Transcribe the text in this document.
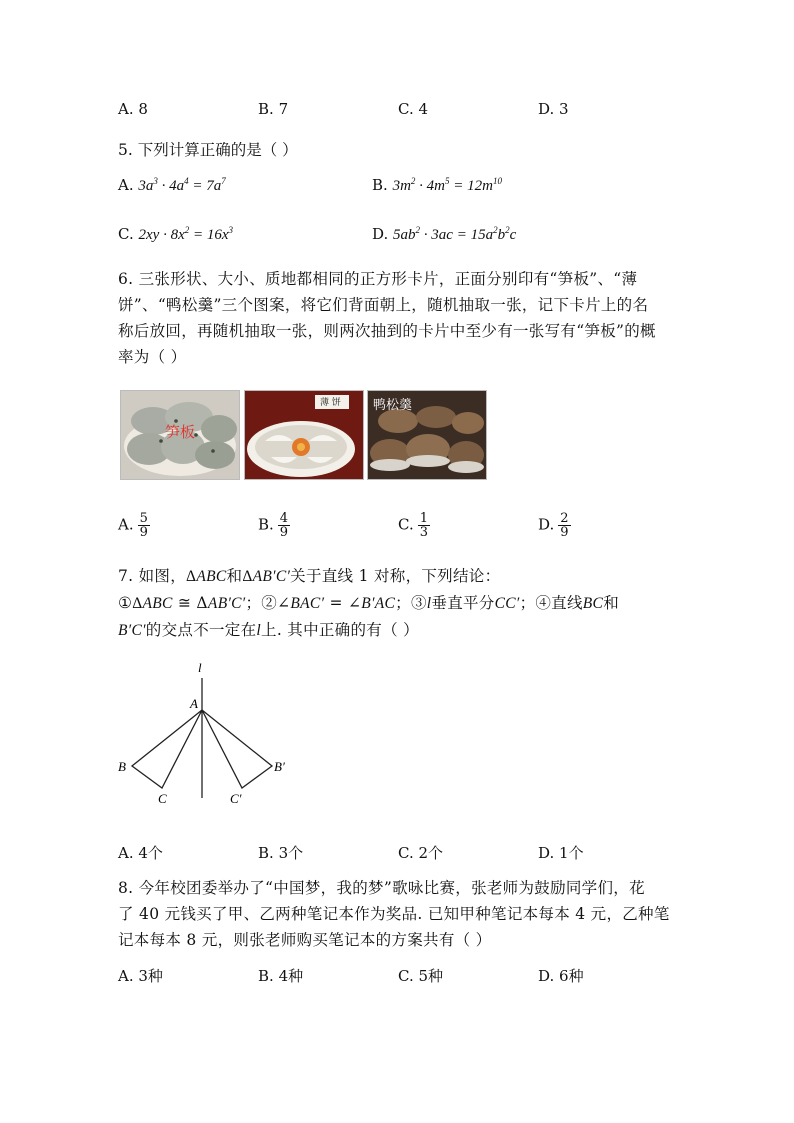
A. 8	B. 7	C. 4	D. 3
5. 下列计算正确的是（ ）
A. $3a^3 \cdot 4a^4 = 7a^7$	B. $3m^2 \cdot 4m^5 = 12m^{10}$
C. $2xy \cdot 8x^2 = 16x^3$	D. $5ab^2 \cdot 3ac = 15a^2b^2c$
6. 三张形状、大小、质地都相同的正方形卡片，正面分别印有“笋板”、“薄
饼”、“鸭松羹”三个图案，将它们背面朝上，随机抽取一张，记下卡片上的名
称后放回，再随机抽取一张，则两次抽到的卡片中至少有一张写有“笋板”的概
率为（ ）
笋板
薄 饼 鸭松羹
A. $\frac{5}{9}$	B. $\frac{4}{9}$	C. $\frac{1}{3}$	D. $\frac{2}{9}$
7. 如图，ΔABC和ΔAB′C′关于直线 1 对称，下列结论：
①ΔABC ≅ ΔAB′C′；②∠BAC′ = ∠B′AC；③l垂直平分CC′；④直线BC和
B′C′的交点不一定在l上. 其中正确的有（ ）
l
A
B
C
B′
C′
A. 4个	B. 3个	C. 2个	D. 1个
8. 今年校团委举办了“中国梦，我的梦”歌咏比赛，张老师为鼓励同学们，花
了 40 元钱买了甲、乙两种笔记本作为奖品. 已知甲种笔记本每本 4 元，乙种笔
记本每本 8 元，则张老师购买笔记本的方案共有（ ）
A. 3种	B. 4种	C. 5种	D. 6种
